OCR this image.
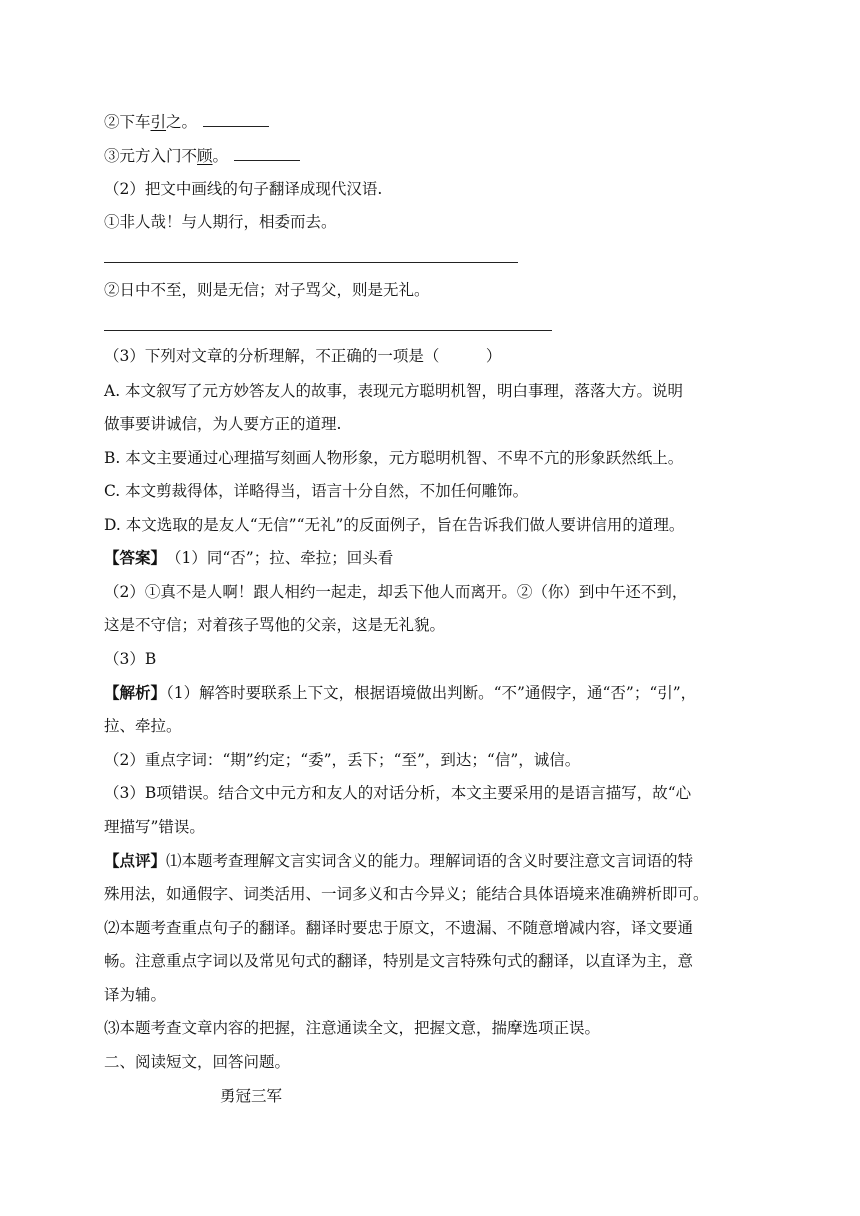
②下车引之。
③元方入门不顾。
（2）把文中画线的句子翻译成现代汉语.
①非人哉！与人期行，相委而去。
②日中不至，则是无信；对子骂父，则是无礼。
（3）下列对文章的分析理解，不正确的一项是（　　　）
A. 本文叙写了元方妙答友人的故事，表现元方聪明机智，明白事理，落落大方。说明
做事要讲诚信，为人要方正的道理.
B. 本文主要通过心理描写刻画人物形象，元方聪明机智、不卑不亢的形象跃然纸上。
C. 本文剪裁得体，详略得当，语言十分自然，不加任何雕饰。
D. 本文选取的是友人“无信”“无礼”的反面例子，旨在告诉我们做人要讲信用的道理。
【答案】　（1）同“否”；拉、牵拉；回头看
（2）①真不是人啊！跟人相约一起走，却丢下他人而离开。②（你）到中午还不到，
这是不守信；对着孩子骂他的父亲，这是无礼貌。
（3）B
【解析】（1）解答时要联系上下文，根据语境做出判断。“不”通假字，通“否”；“引”，
拉、牵拉。
（2）重点字词：“期”约定；“委”，丢下；“至”，到达；“信”，诚信。
（3）B项错误。结合文中元方和友人的对话分析，本文主要采用的是语言描写，故“心
理描写”错误。
【点评】⑴本题考查理解文言实词含义的能力。理解词语的含义时要注意文言词语的特
殊用法，如通假字、词类活用、一词多义和古今异义；能结合具体语境来准确辨析即可。
⑵本题考查重点句子的翻译。翻译时要忠于原文，不遗漏、不随意增减内容，译文要通
畅。注意重点字词以及常见句式的翻译，特别是文言特殊句式的翻译，以直译为主，意
译为辅。
⑶本题考查文章内容的把握，注意通读全文，把握文意，揣摩选项正误。
二、阅读短文，回答问题。
勇冠三军
